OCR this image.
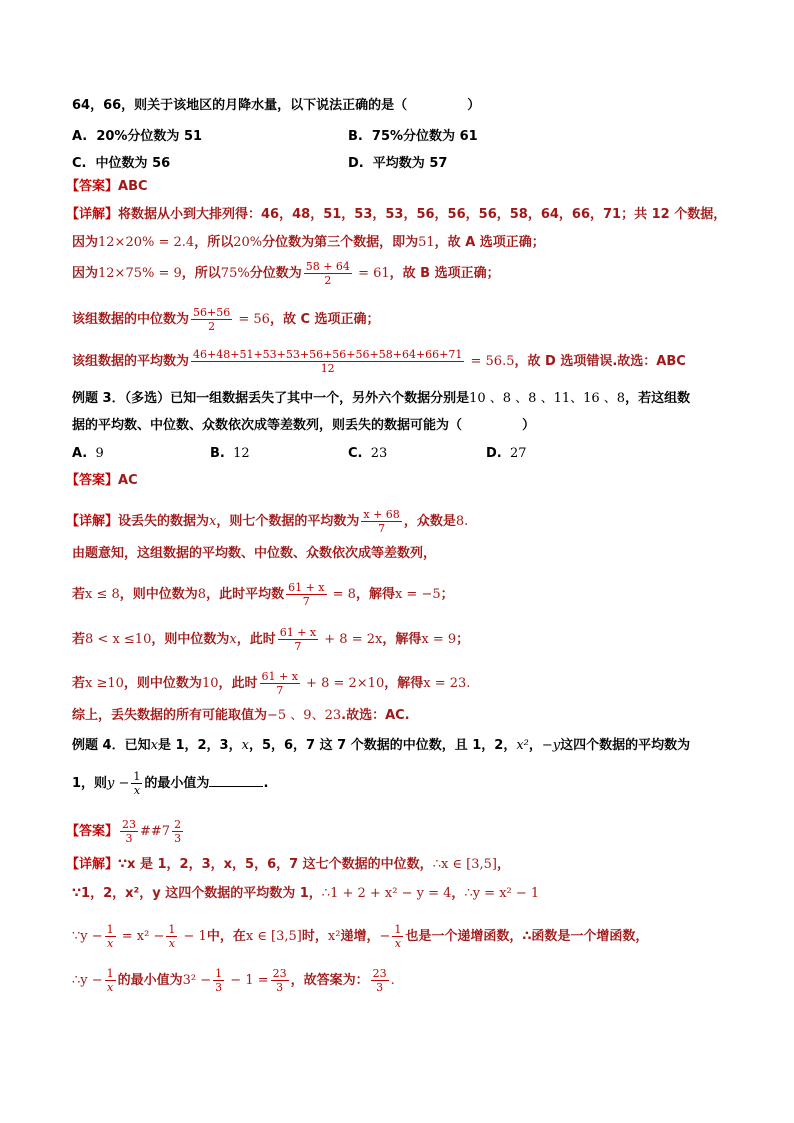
64，66，则关于该地区的月降水量，以下说法正确的是（	）
A. 20%分位数为 51	B. 75%分位数为 61
C. 中位数为 56	D. 平均数为 57
【答案】ABC
【详解】将数据从小到大排列得：46，48，51，53，53，56，56，56，58，64，66，71；共 12 个数据，
因为12×20% = 2.4，所以20%分位数为第三个数据，即为51，故 A 选项正确；
因为12×75% = 9，所以75%分位数为 $\frac{58 + 64}{2} = 61$，故 B 选项正确；
该组数据的中位数为 $\frac{56+56}{2} = 56$，故 C 选项正确；
该组数据的平均数为 $\frac{46+48+51+53+53+56+56+56+58+64+66+71}{12} = 56.5$，故 D 选项错误.故选：ABC
例题 3．（多选）已知一组数据丢失了其中一个，另外六个数据分别是10 、8 、8 、11、16 、8，若这组数
据的平均数、中位数、众数依次成等差数列，则丢失的数据可能为（	）
A. 9	B. 12	C. 23	D. 27
【答案】AC
【详解】设丢失的数据为x，则七个数据的平均数为 $\frac{x + 68}{7}$ ，众数是8.
由题意知，这组数据的平均数、中位数、众数依次成等差数列，
若x ≤ 8，则中位数为8，此时平均数 $\frac{61 + x}{7} = 8$，解得x = −5；
若8 < x ≤10，则中位数为x，此时 $\frac{61 + x}{7} + 8 = 2x$，解得x = 9；
若x ≥10，则中位数为10，此时 $\frac{61 + x}{7} + 8 = 2\times 10$，解得x = 23.
综上，丢失数据的所有可能取值为−5 、9、23.故选：AC.
例题 4．已知x是 1，2，3，x，5，6，7 这 7 个数据的中位数，且 1，2，x²，−y这四个数据的平均数为
1，则$y - \frac{1}{x}$ 的最小值为	.
【答案】 $\frac{23}{3}$ ##7 $\frac{2}{3}$
【详解】∵x 是 1，2，3，x，5，6，7 这七个数据的中位数，∴x ∈ [3,5]，
∵1，2，x²，y 这四个数据的平均数为 1，∴1 + 2 + x² − y = 4，∴y = x² − 1
∵y − $\frac{1}{x} = x^2 - \frac{1}{x} - 1$中，在x ∈ [3,5]时，x²递增，− $\frac{1}{x}$ 也是一个递增函数，∴函数是一个增函数，
∴y − $\frac{1}{x}$ 的最小值为$3^2 - \frac{1}{3} - 1 = \frac{23}{3}$ ，故答案为： $\frac{23}{3}$ .
